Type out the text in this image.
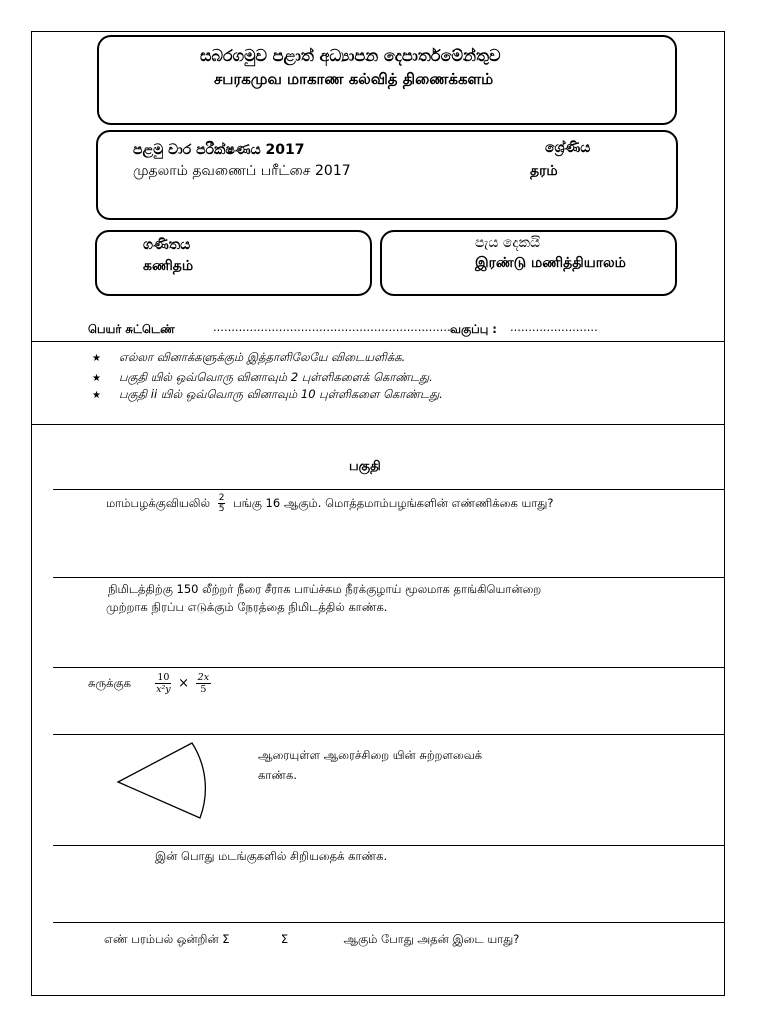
සබරගමුව පළාත් අධ්‍යාපන දෙපාර්තමේන්තුව
சபரகமுவ மாகாண கல்வித் திணைக்களம்
පළමු වාර පරීක්ෂණය 2017
முதலாம் தவணைப் பரீட்சை 2017
ශ්‍රේණිය
தரம்
ගණිතය
கணிதம்
පැය දෙකයි
இரண்டு மணித்தியாலம்
பெயர் சுட்டெண்	..................................................................
வகுப்பு : ........................
★ எல்லா வினாக்களுக்கும் இத்தாளிலேயே விடையளிக்க.
★ பகுதி யில் ஒவ்வொரு வினாவும் 2 புள்ளிகளைக் கொண்டது.
★ பகுதி ii யில் ஒவ்வொரு வினாவும் 10 புள்ளிகளை கொண்டது.
பகுதி
மாம்பழக்குவியலில் $\frac{2}{5}$ பங்கு 16 ஆகும். மொத்தமாம்பழங்களின் எண்ணிக்கை யாது?
நிமிடத்திற்கு 150 லீற்றர் நீரை சீராக பாய்ச்சும நீரக்குழாய் மூலமாக தாங்கியொன்றை
முற்றாக நிரப்ப எடுக்கும் நேரத்தை நிமிடத்தில் காண்க.
சுருக்குக	$\frac{10}{\text{x²y}} \times \frac{2x}{5}$
ஆரையுள்ள ஆரைச்சிறை யின் சுற்றளவைக்
காண்க.
இன் பொது மடங்குகளில் சிறியதைக் காண்க.
எண் பரம்பல் ஒன்றின் Σ	Σ	ஆகும் போது அதன் இடை யாது?
